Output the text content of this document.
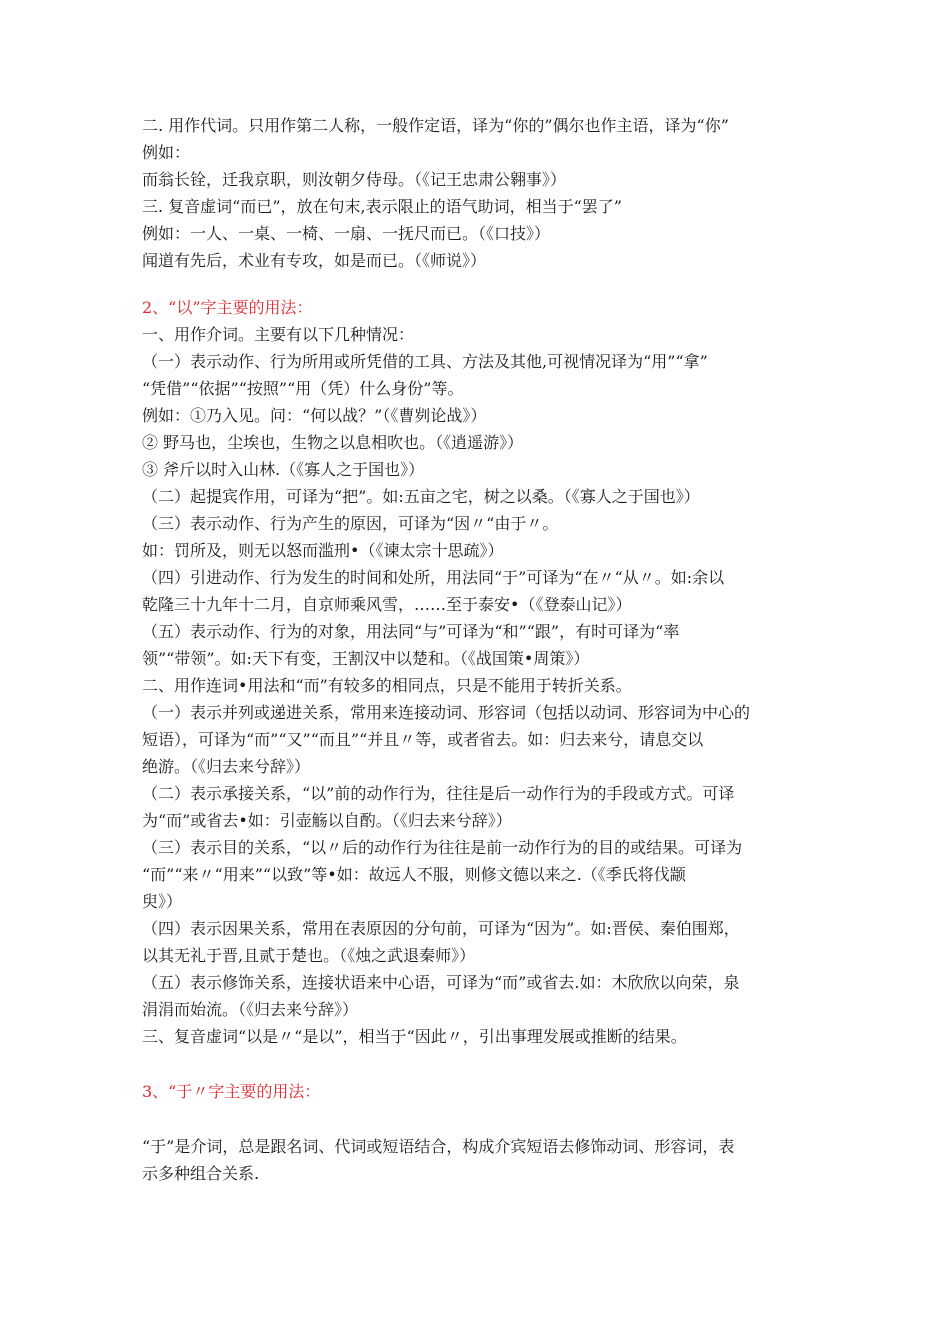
二. 用作代词。只用作第二人称，一般作定语，译为“你的”偶尔也作主语，译为“你”
例如：
而翁长铨，迁我京职，则汝朝夕侍母。（《记王忠肃公翱事》）
三. 复音虚词“而已”，放在句末,表示限止的语气助词，相当于“罢了”
例如：一人、一桌、一椅、一扇、一抚尺而已。（《口技》）
闻道有先后，术业有专攻，如是而已。（《师说》）
2、“以”字主要的用法：
一、用作介词。主要有以下几种情况：
（一）表示动作、行为所用或所凭借的工具、方法及其他,可视情况译为“用”“拿”
“凭借”“依据”“按照”“用（凭）什么身份”等。
例如：①乃入见。问：“何以战？”（《曹刿论战》）
② 野马也，尘埃也，生物之以息相吹也。（《逍遥游》）
③ 斧斤以时入山林.（《寡人之于国也》）
（二）起提宾作用，可译为“把”。如:五亩之宅，树之以桑。（《寡人之于国也》）
（三）表示动作、行为产生的原因，可译为“因〃“由于〃。
如：罚所及，则无以怒而滥刑•（《谏太宗十思疏》）
（四）引进动作、行为发生的时间和处所，用法同“于”可译为“在〃“从〃。如:余以
乾隆三十九年十二月，自京师乘风雪，……至于泰安•（《登泰山记》）
（五）表示动作、行为的对象，用法同“与”可译为“和”“跟”，有时可译为“率
领”“带领”。如:天下有变，王割汉中以楚和。（《战国策•周策》）
二、用作连词•用法和“而”有较多的相同点，只是不能用于转折关系。
（一）表示并列或递进关系，常用来连接动词、形容词（包括以动词、形容词为中心的
短语），可译为“而”“又”“而且”“并且〃等，或者省去。如：归去来兮，请息交以
绝游。（《归去来兮辞》）
（二）表示承接关系，“以”前的动作行为，往往是后一动作行为的手段或方式。可译
为“而”或省去•如：引壶觞以自酌。（《归去来兮辞》）
（三）表示目的关系，“以〃后的动作行为往往是前一动作行为的目的或结果。可译为
“而”“来〃“用来”“以致”等•如：故远人不服，则修文德以来之.（《季氏将伐颛
臾》）
（四）表示因果关系，常用在表原因的分句前，可译为“因为”。如:晋侯、秦伯围郑，
以其无礼于晋,且贰于楚也。（《烛之武退秦师》）
（五）表示修饰关系，连接状语来中心语，可译为“而”或省去.如：木欣欣以向荣，泉
涓涓而始流。（《归去来兮辞》）
三、复音虚词“以是〃“是以”，相当于“因此〃，引出事理发展或推断的结果。
3、“于〃字主要的用法：
“于”是介词，总是跟名词、代词或短语结合，构成介宾短语去修饰动词、形容词，表
示多种组合关系.
